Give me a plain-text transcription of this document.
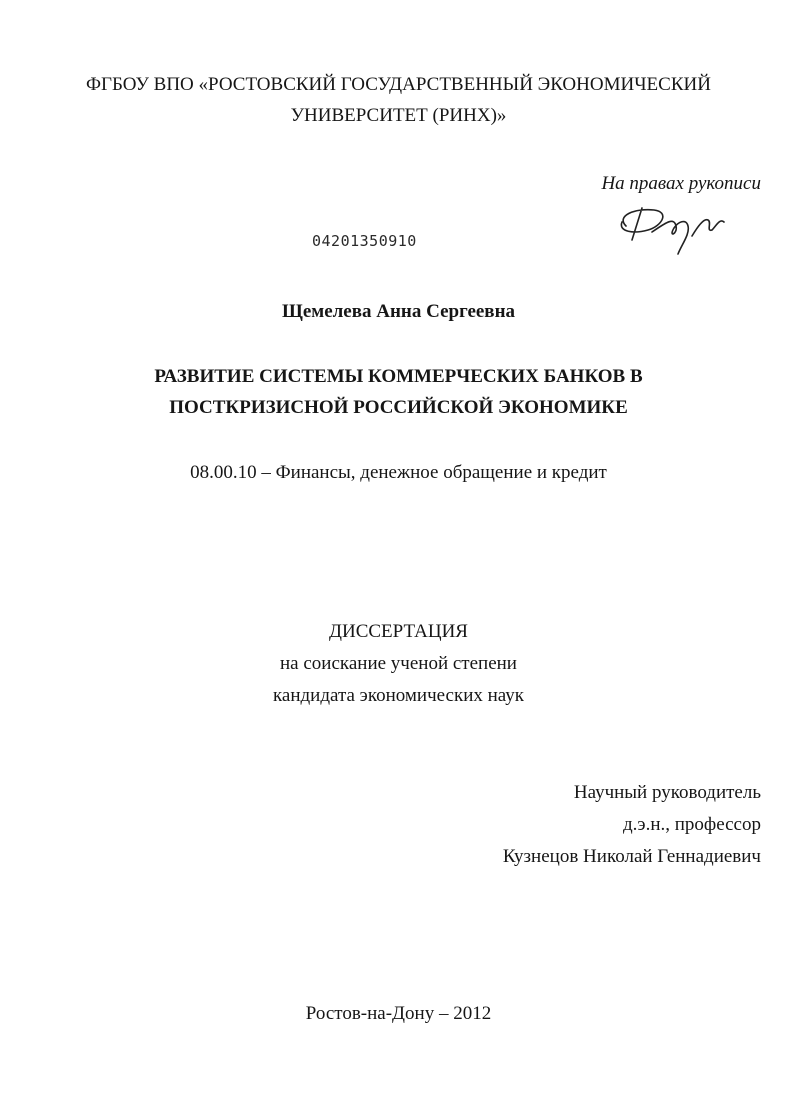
ФГБОУ ВПО «РОСТОВСКИЙ ГОСУДАРСТВЕННЫЙ ЭКОНОМИЧЕСКИЙ
УНИВЕРСИТЕТ (РИНХ)»
На правах рукописи
04201350910
Щемелева Анна Сергеевна
РАЗВИТИЕ СИСТЕМЫ КОММЕРЧЕСКИХ БАНКОВ В
ПОСТКРИЗИСНОЙ РОССИЙСКОЙ ЭКОНОМИКЕ
08.00.10 – Финансы, денежное обращение и кредит
ДИССЕРТАЦИЯ
на соискание ученой степени
кандидата экономических наук
Научный руководитель
д.э.н., профессор
Кузнецов Николай Геннадиевич
Ростов-на-Дону – 2012
